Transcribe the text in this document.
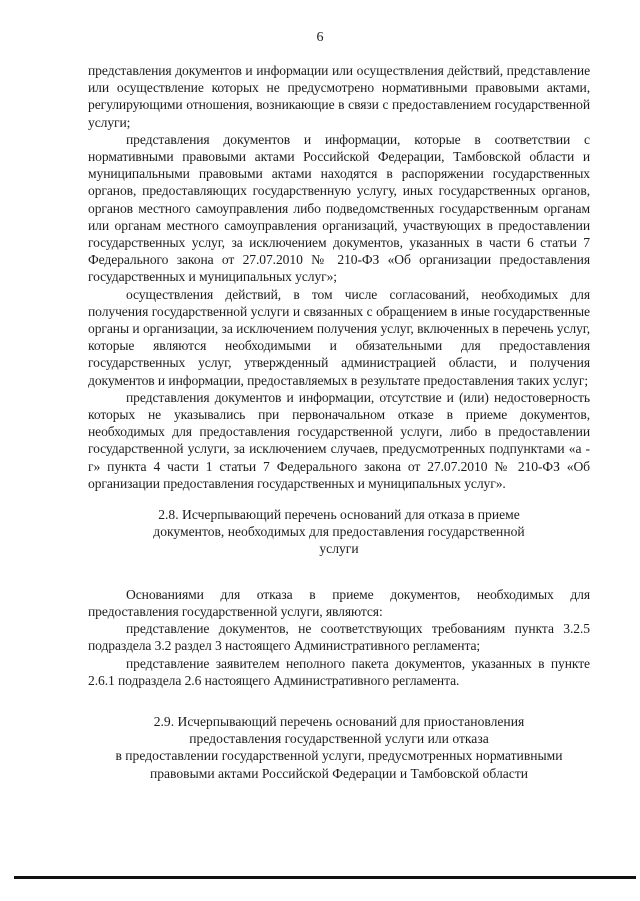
6

представления документов и информации или осуществления действий, представление или осуществление которых не предусмотрено нормативными правовыми актами, регулирующими отношения, возникающие в связи с предоставлением государственной услуги;

представления документов и информации, которые в соответствии с нормативными правовыми актами Российской Федерации, Тамбовской области и муниципальными правовыми актами находятся в распоряжении государственных органов, предоставляющих государственную услугу, иных государственных органов, органов местного самоуправления либо подведомственных государственным органам или органам местного самоуправления организаций, участвующих в предоставлении государственных услуг, за исключением документов, указанных в части 6 статьи 7 Федерального закона от 27.07.2010 № 210-ФЗ «Об организации предоставления государственных и муниципальных услуг»;

осуществления действий, в том числе согласований, необходимых для получения государственной услуги и связанных с обращением в иные государственные органы и организации, за исключением получения услуг, включенных в перечень услуг, которые являются необходимыми и обязательными для предоставления государственных услуг, утвержденный администрацией области, и получения документов и информации, предоставляемых в результате предоставления таких услуг;

представления документов и информации, отсутствие и (или) недостоверность которых не указывались при первоначальном отказе в приеме документов, необходимых для предоставления государственной услуги, либо в предоставлении государственной услуги, за исключением случаев, предусмотренных подпунктами «а - г» пункта 4 части 1 статьи 7 Федерального закона от 27.07.2010 № 210-ФЗ «Об организации предоставления государственных и муниципальных услуг».

2.8. Исчерпывающий перечень оснований для отказа в приеме
документов, необходимых для предоставления государственной
услуги

Основаниями для отказа в приеме документов, необходимых для предоставления государственной услуги, являются:

представление документов, не соответствующих требованиям пункта 3.2.5 подраздела 3.2 раздел 3 настоящего Административного регламента;

представление заявителем неполного пакета документов, указанных в пункте 2.6.1 подраздела 2.6 настоящего Административного регламента.

2.9. Исчерпывающий перечень оснований для приостановления
предоставления государственной услуги или отказа
в предоставлении государственной услуги, предусмотренных нормативными
правовыми актами Российской Федерации и Тамбовской области
